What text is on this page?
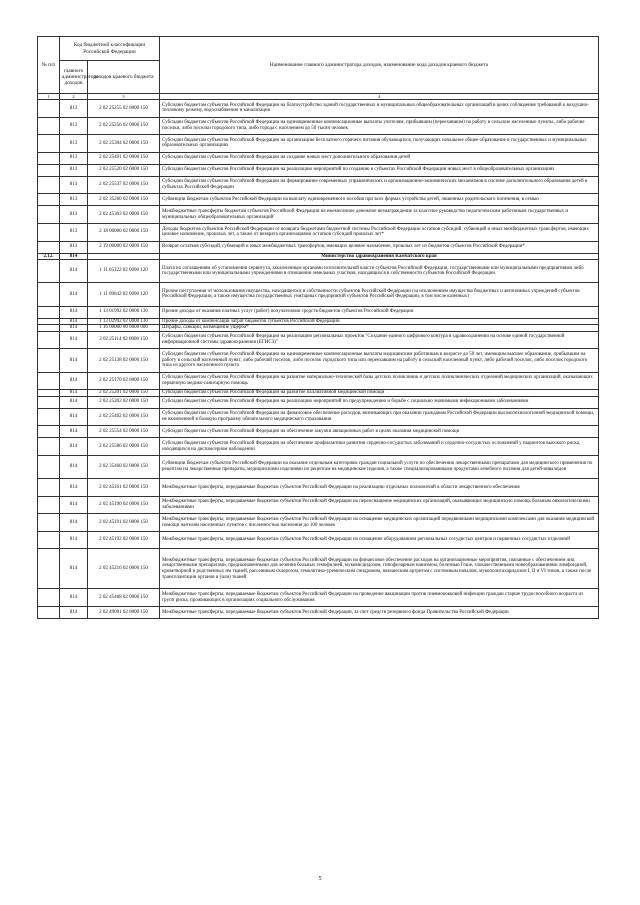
№ п/п	Код бюджетной классификации Российской Федерации		Наименование главного администратора доходов, наименование кода доходов краевого бюджета
	главного администратора доходов	доходов краевого бюджета	
1	2	3	4
	813	2 02 25255 02 0000 150	Субсидии бюджетам субъектов Российской Федерации на благоустройство зданий государственных и муниципальных общеобразовательных организаций в целях соблюдения требований к воздушно-тепловому режиму, водоснабжению и канализации
	813	2 02 25256 02 0000 150	Субсидии бюджетам субъектов Российской Федерации на единовременные компенсационные выплаты учителям, прибывшим (переехавшим) на работу в сельские населенные пункты, либо рабочие поселки, либо поселки городского типа, либо города с населением до 50 тысяч человек
	813	2 02 25304 02 0000 150	Субсидии бюджетам субъектов Российской Федерации на организацию бесплатного горячего питания обучающихся, получающих начальное общее образование в государственных и муниципальных образовательных организациях
	813	2 02 25491 02 0000 150	Субсидии бюджетам субъектов Российской Федерации на создание новых мест дополнительного образования детей
	813	2 02 25520 02 0000 150	Субсидии бюджетам субъектов Российской Федерации на реализацию мероприятий по созданию в субъектах Российской Федерации новых мест в общеобразовательных организациях
	813	2 02 25537 02 0000 150	Субсидии бюджетам субъектов Российской Федерации на формирование современных управленческих и организационно-экономических механизмов в системе дополнительного образования детей в субъектах Российской Федерации
	813	2 02 35260 02 0000 150	Субвенции бюджетам субъектов Российской Федерации на выплату единовременного пособия при всех формах устройства детей, лишенных родительского попечения, в семью
	813	2 02 45303 02 0000 150	Межбюджетные трансферты бюджетам субъектов Российской Федерации на ежемесячное денежное вознаграждение за классное руководство педагогическим работникам государственных и муниципальных общеобразовательных организаций
	813	2 18 00000 02 0000 150	Доходы бюджетов субъектов Российской Федерации от возврата бюджетами бюджетной системы Российской Федерации остатков субсидий, субвенций и иных межбюджетных трансфертов, имеющих целевое назначение, прошлых лет, а также от возврата организациями остатков субсидий прошлых лет*
	813	2 19 00000 02 0000 150	Возврат остатков субсидий, субвенций и иных межбюджетных трансфертов, имеющих целевое назначение, прошлых лет из бюджетов субъектов Российской Федерации*
2.12.	814		Министерство здравоохранения Камчатского края
	814	1 11 05322 02 0000 120	Плата по соглашениям об установлении сервитута, заключенным органами исполнительной власти субъектов Российской Федерации, государственными или муниципальными предприятиями либо государственными или муниципальными учреждениями в отношении земельных участков, находящихся в собственности субъектов Российской Федерации
	814	1 11 09042 02 0000 120	Прочие поступления от использования имущества, находящегося в собственности субъектов Российской Федерации (за исключением имущества бюджетных и автономных учреждений субъектов Российской Федерации, а также имущества государственных унитарных предприятий субъектов Российской Федерации, в том числе казенных)
	814	1 13 01992 02 0000 130	Прочие доходы от оказания платных услуг (работ) получателями средств бюджетов субъектов Российской Федерации
	814	1 13 02992 02 0000 130	Прочие доходы от компенсации затрат бюджетов субъектов Российской Федерации
	814	1 16 00000 00 0000 000	Штрафы, санкции, возмещение ущерба*
	814	2 02 25114 02 0000 150	Субсидии бюджетам субъектов Российской Федерации на реализацию региональных проектов "Создание единого цифрового контура в здравоохранении на основе единой государственной информационной системы здравоохранения (ЕГИСЗ)"
	814	2 02 25138 02 0000 150	Субсидии бюджетам субъектов Российской Федерации на единовременные компенсационные выплаты медицинским работникам в возрасте до 50 лет, имеющим высшее образование, прибывшим на работу в сельский населенный пункт, либо рабочий поселок, либо поселок городского типа или переехавшим на работу в сельский населенный пункт, либо рабочий поселок, либо поселок городского типа из другого населенного пункта
	814	2 02 25170 02 0000 150	Субсидии бюджетам субъектов Российской Федерации на развитие материально-технической базы детских поликлиник и детских поликлинических отделений медицинских организаций, оказывающих первичную медико-санитарную помощь
	814	2 02 25201 02 0000 150	Субсидии бюджетам субъектов Российской Федерации на развитие паллиативной медицинской помощи
	814	2 02 25202 02 0000 150	Субсидии бюджетам субъектов Российской Федерации на реализацию мероприятий по предупреждению и борьбе с социально значимыми инфекционными заболеваниями
	814	2 02 25402 02 0000 150	Субсидии бюджетам субъектов Российской Федерации на финансовое обеспечение расходов, возникающих при оказании гражданам Российской Федерации высокотехнологичной медицинской помощи, не включенной в базовую программу обязательного медицинского страхования
	814	2 02 25554 02 0000 150	Субсидии бюджетам субъектов Российской Федерации на обеспечение закупки авиационных работ в целях оказания медицинской помощи
	814	2 02 25586 02 0000 150	Субсидии бюджетам субъектов Российской Федерации на обеспечение профилактики развития сердечно-сосудистых заболеваний и сердечно-сосудистых осложнений у пациентов высокого риска, находящихся на диспансерном наблюдении
	814	2 02 35460 02 0000 150	Субвенции бюджетам субъектов Российской Федерации на оказание отдельным категориям граждан социальной услуги по обеспечению лекарственными препаратами для медицинского применения по рецептам на лекарственные препараты, медицинскими изделиями по рецептам на медицинские изделия, а также специализированными продуктами лечебного питания для детей-инвалидов
	814	2 02 45161 02 0000 150	Межбюджетные трансферты, передаваемые бюджетам субъектов Российской Федерации на реализацию отдельных полномочий в области лекарственного обеспечения
	814	2 02 45190 02 0000 150	Межбюджетные трансферты, передаваемые бюджетам субъектов Российской Федерации на переоснащение медицинских организаций, оказывающих медицинскую помощь больным онкологическими заболеваниями
	814	2 02 45191 02 0000 150	Межбюджетные трансферты, передаваемые бюджетам субъектов Российской Федерации на оснащение медицинских организаций передвижными медицинскими комплексами для оказания медицинской помощи жителям населенных пунктов с численностью населения до 100 человек
	814	2 02 45192 02 0000 150	Межбюджетные трансферты, передаваемые бюджетам субъектов Российской Федерации на оснащение оборудованием региональных сосудистых центров и первичных сосудистых отделений
	814	2 02 45216 02 0000 150	Межбюджетные трансферты, передаваемые бюджетам субъектов Российской Федерации на финансовое обеспечение расходов на организационные мероприятия, связанные с обеспечением лиц лекарственными препаратами, предназначенными для лечения больных гемофилией, муковисцидозом, гипофизарным нанизмом, болезнью Гоше, злокачественными новообразованиями лимфоидной, кроветворной и родственных им тканей, рассеянным склерозом, гемолитико-уремическим синдромом, юношеским артритом с системным началом, мукополисахаридозом I, II и VI типов, а также после трансплантации органов и (или) тканей
	814	2 02 45468 02 0000 150	Межбюджетные трансферты, передаваемые бюджетам субъектов Российской Федерации на проведение вакцинации против пневмококковой инфекции граждан старше трудоспособного возраста из групп риска, проживающих в организациях социального обслуживания
	814	2 02 49001 02 0000 150	Межбюджетные трансферты, передаваемые бюджетам субъектов Российской Федерации, за счет средств резервного фонда Правительства Российской Федерации
5
